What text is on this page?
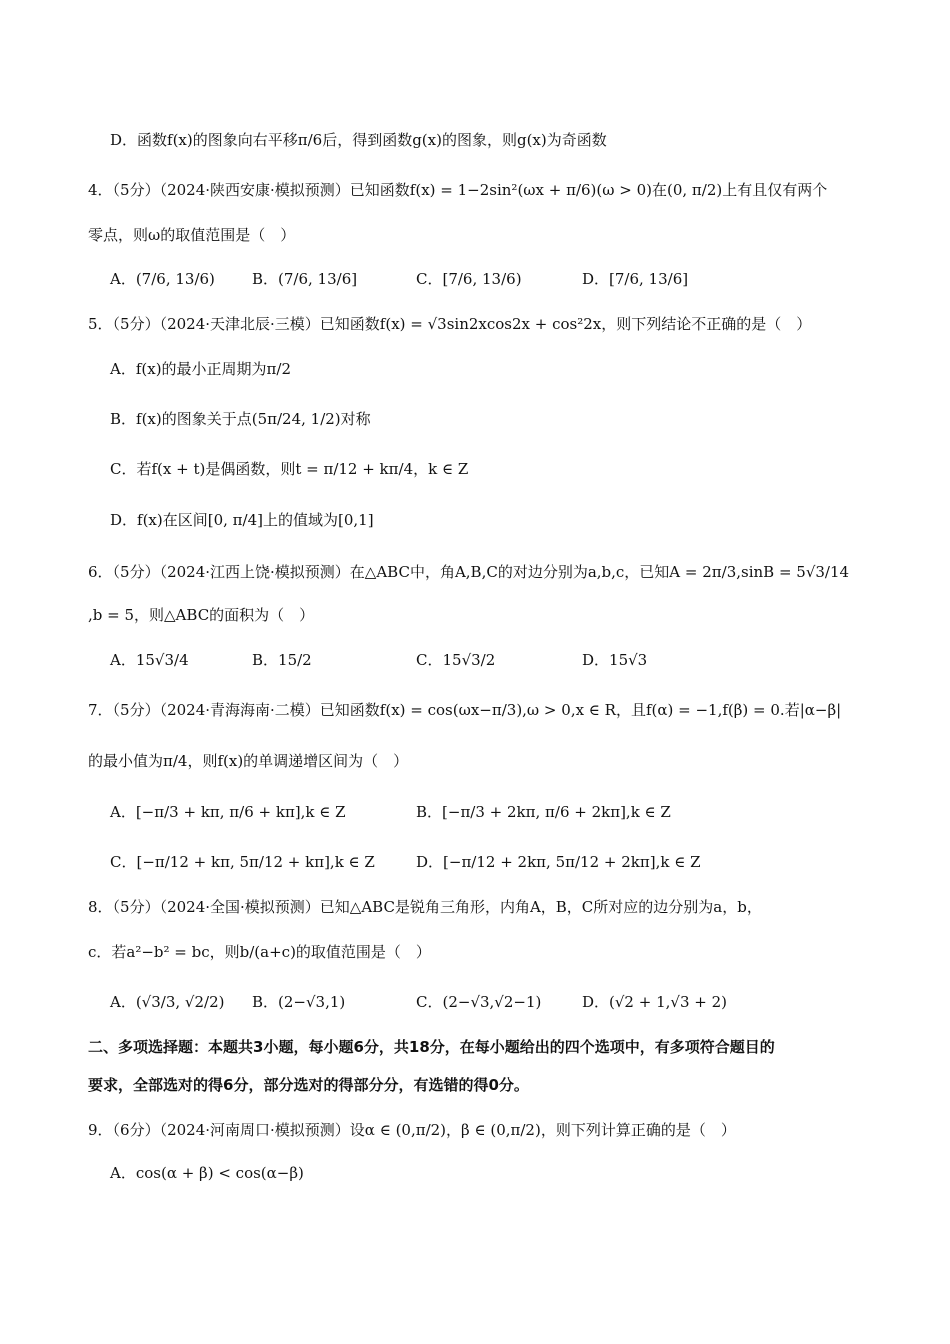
D．函数f(x)的图象向右平移π/6后，得到函数g(x)的图象，则g(x)为奇函数
4．（5分）（2024·陕西安康·模拟预测）已知函数f(x) = 1−2sin²(ωx + π/6)(ω > 0)在(0, π/2)上有且仅有两个
零点，则ω的取值范围是（　）
A．(7/6, 13/6) B．(7/6, 13/6]	C．[7/6, 13/6)	D．[7/6, 13/6]
5．（5分）（2024·天津北辰·三模）已知函数f(x) = √3sin2xcos2x + cos²2x，则下列结论不正确的是（　）
A．f(x)的最小正周期为π/2
B．f(x)的图象关于点(5π/24, 1/2)对称
C．若f(x + t)是偶函数，则t = π/12 + kπ/4，k ∈ Z
D．f(x)在区间[0, π/4]上的值域为[0,1]
6．（5分）（2024·江西上饶·模拟预测）在△ABC中，角A,B,C的对边分别为a,b,c，已知A = 2π/3,sinB = 5√3/14
,b = 5，则△ABC的面积为（　）
A．15√3/4	B．15/2	C．15√3/2	D．15√3
7．（5分）（2024·青海海南·二模）已知函数f(x) = cos(ωx−π/3),ω > 0,x ∈ R，且f(α) = −1,f(β) = 0.若|α−β|
的最小值为π/4，则f(x)的单调递增区间为（　）
A．[−π/3 + kπ, π/6 + kπ],k ∈ Z	B．[−π/3 + 2kπ, π/6 + 2kπ],k ∈ Z
C．[−π/12 + kπ, 5π/12 + kπ],k ∈ Z	D．[−π/12 + 2kπ, 5π/12 + 2kπ],k ∈ Z
8．（5分）（2024·全国·模拟预测）已知△ABC是锐角三角形，内角A，B，C所对应的边分别为a，b，
c．若a²−b² = bc，则b/(a+c)的取值范围是（　）
A．(√3/3, √2/2) B．(2−√3,1)	C．(2−√3,√2−1)	D．(√2 + 1,√3 + 2)
二、多项选择题：本题共3小题，每小题6分，共18分，在每小题给出的四个选项中，有多项符合题目的
要求，全部选对的得6分，部分选对的得部分分，有选错的得0分。
9．（6分）（2024·河南周口·模拟预测）设α ∈ (0,π/2)，β ∈ (0,π/2)，则下列计算正确的是（　）
A．cos(α + β) < cos(α−β)
